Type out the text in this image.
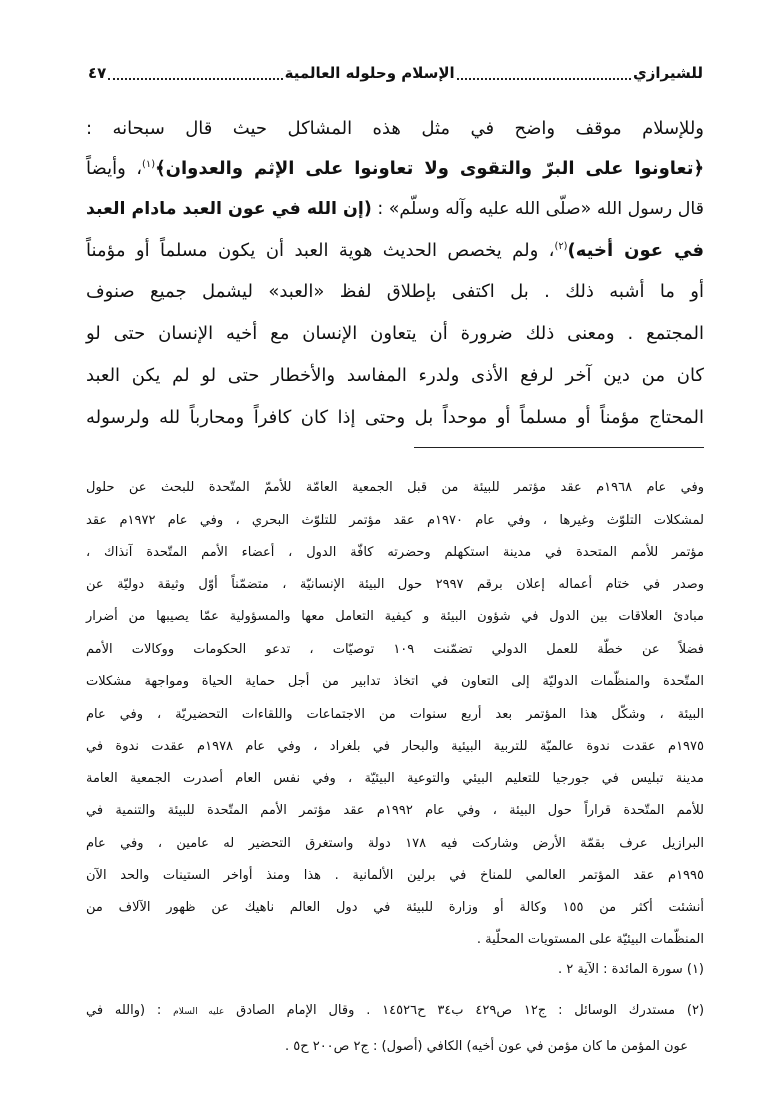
للشيرازي
الإسلام وحلوله العالمية
٤٧
وللإسلام موقف واضح في مثل هذه المشاكل حيث قال سبحانه :
﴿تعاونوا على البرّ والتقوى ولا تعاونوا على الإثم والعدوان﴾$^{(١)}$، وأيضاً
قال رسول الله «صلّى الله عليه وآله وسلّم» : (إن الله في عون العبد مادام العبد
في عون أخيه)$^{(٢)}$، ولم يخصص الحديث هوية العبد أن يكون مسلماً أو مؤمناً
أو ما أشبه ذلك . بل اكتفى بإطلاق لفظ «العبد» ليشمل جميع صنوف
المجتمع . ومعنى ذلك ضرورة أن يتعاون الإنسان مع أخيه الإنسان حتى لو
كان من دين آخر لرفع الأذى ولدرء المفاسد والأخطار حتى لو لم يكن العبد
المحتاج مؤمناً أو مسلماً أو موحداً بل وحتى إذا كان كافراً ومحارباً لله ولرسوله
وفي عام ١٩٦٨م عقد مؤتمر للبيئة من قبل الجمعية العامّة للأممّ المتّحدة للبحث عن حلول
لمشكلات التلوّث وغيرها ، وفي عام ١٩٧٠م عقد مؤتمر للتلوّث البحري ، وفي عام ١٩٧٢م عقد
مؤتمر للأمم المتحدة في مدينة استكهلم وحضرته كافّة الدول ، أعضاء الأمم المتّحدة آنذاك ،
وصدر في ختام أعماله إعلان برقم ٢٩٩٧ حول البيئة الإنسانيّة ، متضمّناً أوّل وثيقة دوليّة عن
مبادئ العلاقات بين الدول في شؤون البيئة و كيفية التعامل معها والمسؤولية عمّا يصيبها من أضرار
فضلاً عن خطّة للعمل الدولي تضمّنت ١٠٩ توصيّات ، تدعو الحكومات ووكالات الأمم
المتّحدة والمنظّمات الدوليّة إلى التعاون في اتخاذ تدابير من أجل حماية الحياة ومواجهة مشكلات
البيئة ، وشكّل هذا المؤتمر بعد أربع سنوات من الاجتماعات واللقاءات التحضيريّة ، وفي عام
١٩٧٥م عقدت ندوة عالميّة للتربية البيئية والبحار في بلغراد ، وفي عام ١٩٧٨م عقدت ندوة في
مدينة تبليس في جورجيا للتعليم البيئي والتوعية البيئيّة ، وفي نفس العام أصدرت الجمعية العامة
للأمم المتّحدة قراراً حول البيئة ، وفي عام ١٩٩٢م عقد مؤتمر الأمم المتّحدة للبيئة والتنمية في
البرازيل عرف بقمّة الأرض وشاركت فيه ١٧٨ دولة واستغرق التحضير له عامين ، وفي عام
١٩٩٥م عقد المؤتمر العالمي للمناخ في برلين الألمانية . هذا ومنذ أواخر الستينات والحد الآن
أنشئت أكثر من ١٥٥ وكالة أو وزارة للبيئة في دول العالم ناهيك عن ظهور الآلاف من
المنظّمات البيئيّة على المستويات المحلّية .
(١) سورة المائدة : الآية ٢ .
(٢) مستدرك الوسائل : ج١٢ ص٤٢٩ ب٣٤ ح١٤٥٢٦ . وقال الإمام الصادق عليه السلام : (والله في
عون المؤمن ما كان مؤمن في عون أخيه) الكافي (أصول) : ج٢ ص٢٠٠ ح٥ .
